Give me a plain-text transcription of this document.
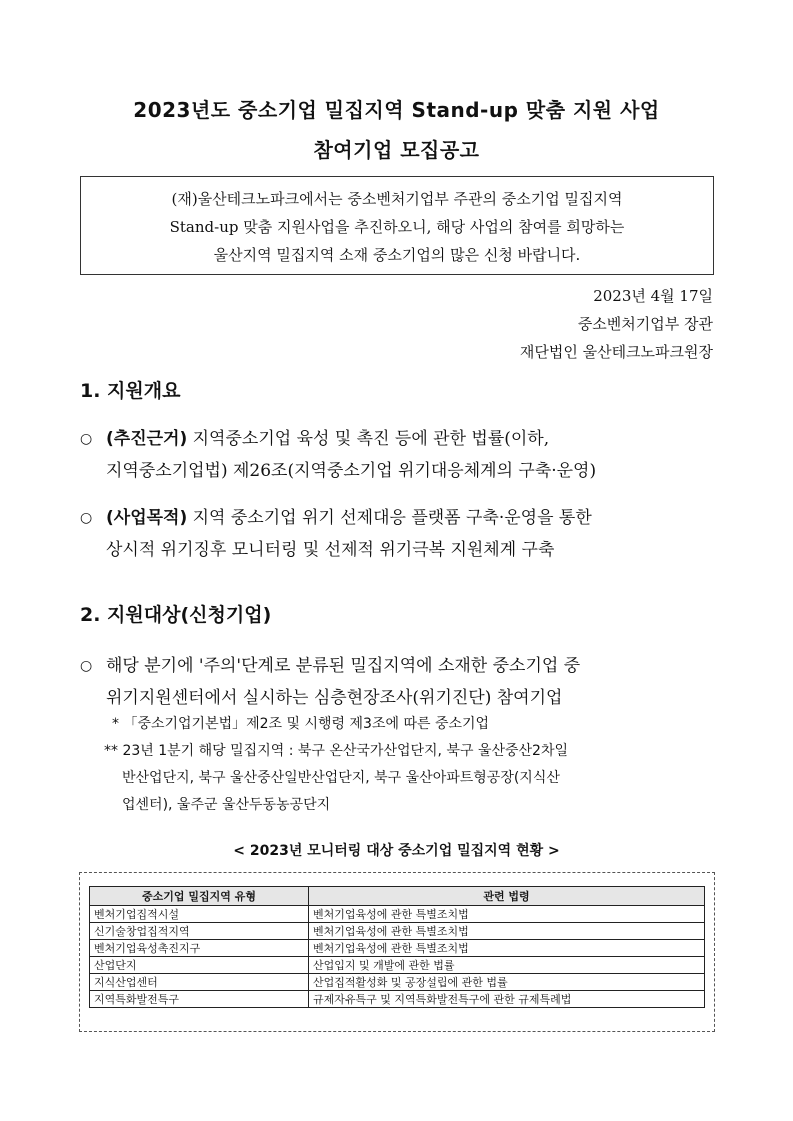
2023년도 중소기업 밀집지역 Stand-up 맞춤 지원 사업
참여기업 모집공고
(재)울산테크노파크에서는 중소벤처기업부 주관의 중소기업 밀집지역
Stand-up 맞춤 지원사업을 추진하오니, 해당 사업의 참여를 희망하는
울산지역 밀집지역 소재 중소기업의 많은 신청 바랍니다.
2023년 4월 17일
중소벤처기업부 장관
재단법인 울산테크노파크원장
1. 지원개요
○ (추진근거) 지역중소기업 육성 및 촉진 등에 관한 법률(이하,
지역중소기업법) 제26조(지역중소기업 위기대응체계의 구축·운영)
○ (사업목적) 지역 중소기업 위기 선제대응 플랫폼 구축·운영을 통한
상시적 위기징후 모니터링 및 선제적 위기극복 지원체계 구축
2. 지원대상(신청기업)
○ 해당 분기에 '주의'단계로 분류된 밀집지역에 소재한 중소기업 중
위기지원센터에서 실시하는 심층현장조사(위기진단) 참여기업
* 「중소기업기본법」제2조 및 시행령 제3조에 따른 중소기업
** 23년 1분기 해당 밀집지역 : 북구 온산국가산업단지, 북구 울산중산2차일
반산업단지, 북구 울산중산일반산업단지, 북구 울산아파트형공장(지식산
업센터), 울주군 울산두동농공단지
< 2023년 모니터링 대상 중소기업 밀집지역 현황 >
중소기업 밀집지역 유형	관련 법령
벤처기업집적시설	벤처기업육성에 관한 특별조치법
신기술창업집적지역	벤처기업육성에 관한 특별조치법
벤처기업육성촉진지구	벤처기업육성에 관한 특별조치법
산업단지	산업입지 및 개발에 관한 법률
지식산업센터	산업집적활성화 및 공장설립에 관한 법률
지역특화발전특구	규제자유특구 및 지역특화발전특구에 관한 규제특례법
